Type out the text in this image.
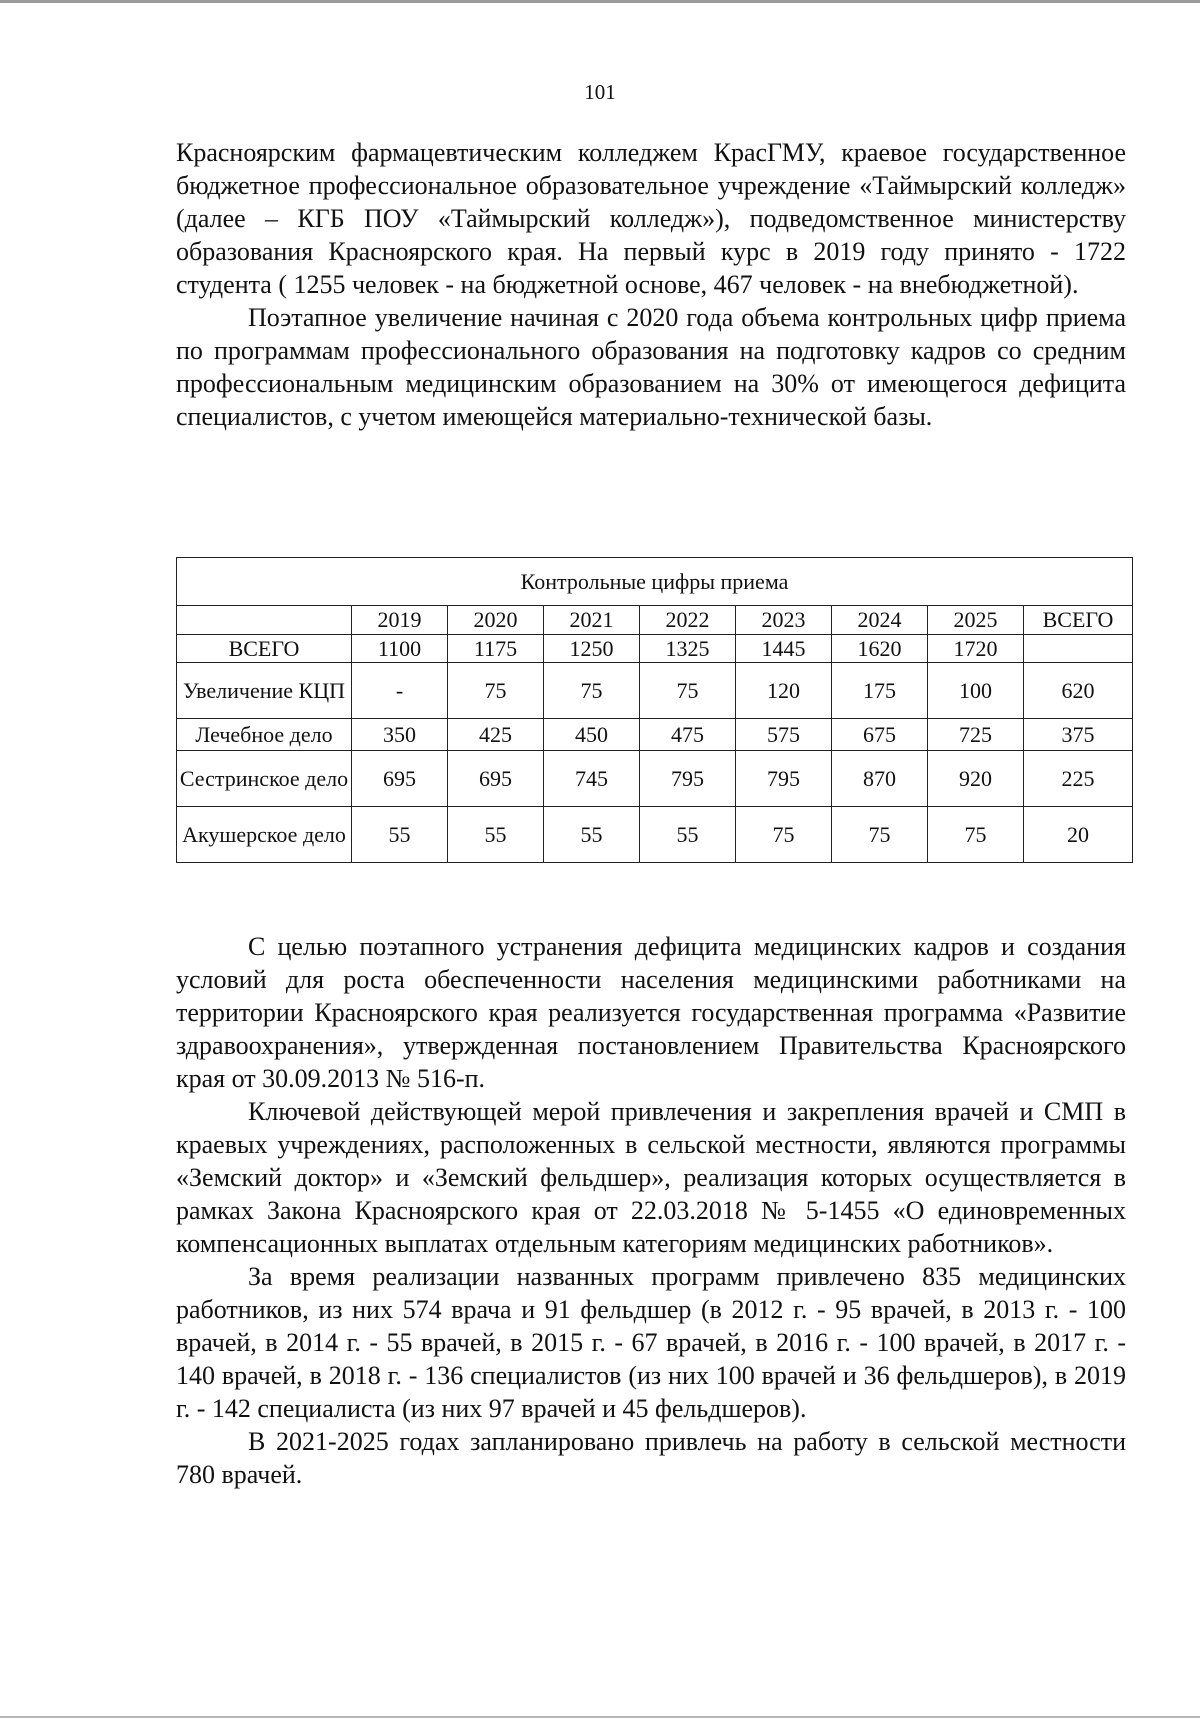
101

Красноярским фармацевтическим колледжем КрасГМУ, краевое государственное бюджетное профессиональное образовательное учреждение «Таймырский колледж» (далее – КГБ ПОУ «Таймырский колледж»), подведомственное министерству образования Красноярского края. На первый курс в 2019 году принято - 1722 студента ( 1255 человек - на бюджетной основе, 467 человек - на внебюджетной).

Поэтапное увеличение начиная с 2020 года объема контрольных цифр приема по программам профессионального образования на подготовку кадров со средним профессиональным медицинским образованием на 30% от имеющегося дефицита специалистов, с учетом имеющейся материально-технической базы.

Контрольные цифры приема								
	2019	2020	2021	2022	2023	2024	2025	ВСЕГО
ВСЕГО	1100	1175	1250	1325	1445	1620	1720	
Увеличение КЦП	-	75	75	75	120	175	100	620
Лечебное дело	350	425	450	475	575	675	725	375
Сестринское дело	695	695	745	795	795	870	920	225
Акушерское дело	55	55	55	55	75	75	75	20

С целью поэтапного устранения дефицита медицинских кадров и создания условий для роста обеспеченности населения медицинскими работниками на территории Красноярского края реализуется государственная программа «Развитие здравоохранения», утвержденная постановлением Правительства Красноярского края от 30.09.2013 № 516-п.

Ключевой действующей мерой привлечения и закрепления врачей и СМП в краевых учреждениях, расположенных в сельской местности, являются программы «Земский доктор» и «Земский фельдшер», реализация которых осуществляется в рамках Закона Красноярского края от 22.03.2018 № 5-1455 «О единовременных компенсационных выплатах отдельным категориям медицинских работников».

За время реализации названных программ привлечено 835 медицинских работников, из них 574 врача и 91 фельдшер (в 2012 г. - 95 врачей, в 2013 г. - 100 врачей, в 2014 г. - 55 врачей, в 2015 г. - 67 врачей, в 2016 г. - 100 врачей, в 2017 г. - 140 врачей, в 2018 г. - 136 специалистов (из них 100 врачей и 36 фельдшеров), в 2019 г. - 142 специалиста (из них 97 врачей и 45 фельдшеров).

В 2021-2025 годах запланировано привлечь на работу в сельской местности 780 врачей.
